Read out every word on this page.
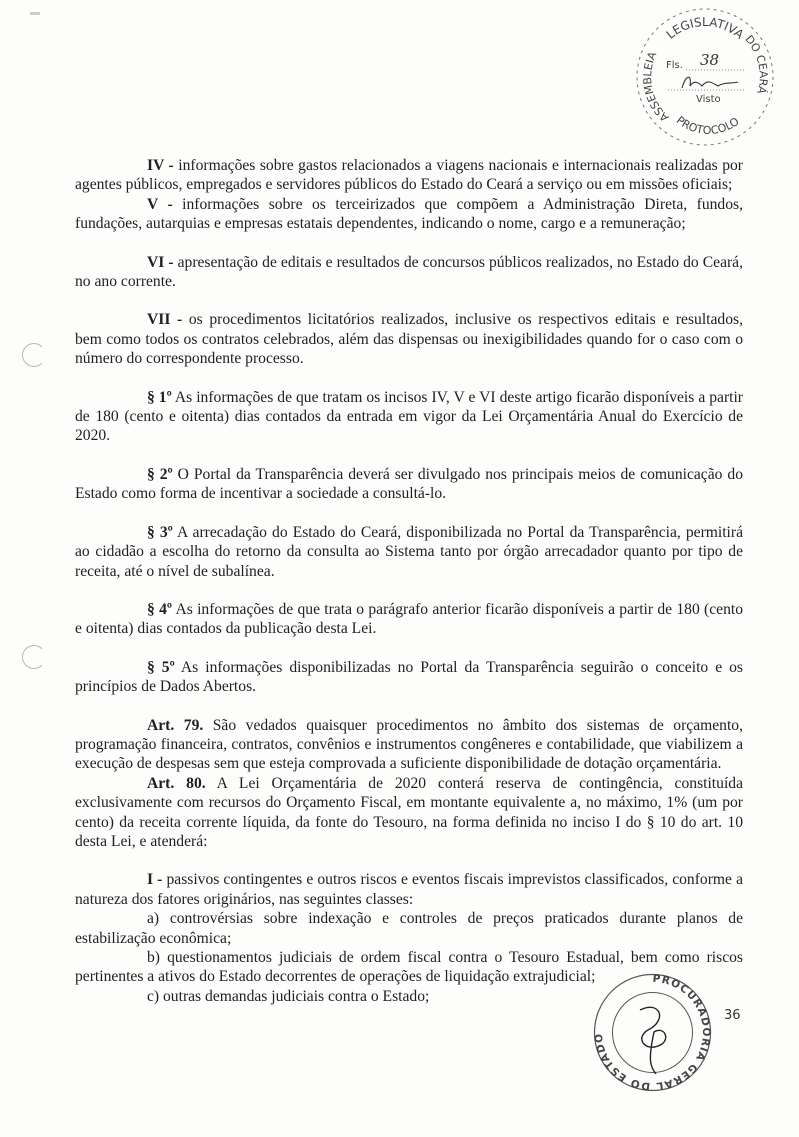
LEGISLATIVA
ASSEMBLEIA
DO CEARÁ
PROTOCOLO
Fls. 38
Visto

IV - informações sobre gastos relacionados a viagens nacionais e internacionais realizadas por agentes públicos, empregados e servidores públicos do Estado do Ceará a serviço ou em missões oficiais;

V - informações sobre os terceirizados que compõem a Administração Direta, fundos, fundações, autarquias e empresas estatais dependentes, indicando o nome, cargo e a remuneração;

VI - apresentação de editais e resultados de concursos públicos realizados, no Estado do Ceará, no ano corrente.

VII - os procedimentos licitatórios realizados, inclusive os respectivos editais e resultados, bem como todos os contratos celebrados, além das dispensas ou inexigibilidades quando for o caso com o número do correspondente processo.

§ 1º As informações de que tratam os incisos IV, V e VI deste artigo ficarão disponíveis a partir de 180 (cento e oitenta) dias contados da entrada em vigor da Lei Orçamentária Anual do Exercício de 2020.

§ 2º O Portal da Transparência deverá ser divulgado nos principais meios de comunicação do Estado como forma de incentivar a sociedade a consultá-lo.

§ 3º A arrecadação do Estado do Ceará, disponibilizada no Portal da Transparência, permitirá ao cidadão a escolha do retorno da consulta ao Sistema tanto por órgão arrecadador quanto por tipo de receita, até o nível de subalínea.

§ 4º As informações de que trata o parágrafo anterior ficarão disponíveis a partir de 180 (cento e oitenta) dias contados da publicação desta Lei.

§ 5º As informações disponibilizadas no Portal da Transparência seguirão o conceito e os princípios de Dados Abertos.

Art. 79. São vedados quaisquer procedimentos no âmbito dos sistemas de orçamento, programação financeira, contratos, convênios e instrumentos congêneres e contabilidade, que viabilizem a execução de despesas sem que esteja comprovada a suficiente disponibilidade de dotação orçamentária.

Art. 80. A Lei Orçamentária de 2020 conterá reserva de contingência, constituída exclusivamente com recursos do Orçamento Fiscal, em montante equivalente a, no máximo, 1% (um por cento) da receita corrente líquida, da fonte do Tesouro, na forma definida no inciso I do § 10 do art. 10 desta Lei, e atenderá:

I - passivos contingentes e outros riscos e eventos fiscais imprevistos classificados, conforme a natureza dos fatores originários, nas seguintes classes:

a) controvérsias sobre indexação e controles de preços praticados durante planos de estabilização econômica;

b) questionamentos judiciais de ordem fiscal contra o Tesouro Estadual, bem como riscos pertinentes a ativos do Estado decorrentes de operações de liquidação extrajudicial;

c) outras demandas judiciais contra o Estado;

PROCURADORIA GERAL DO ESTADO
36
